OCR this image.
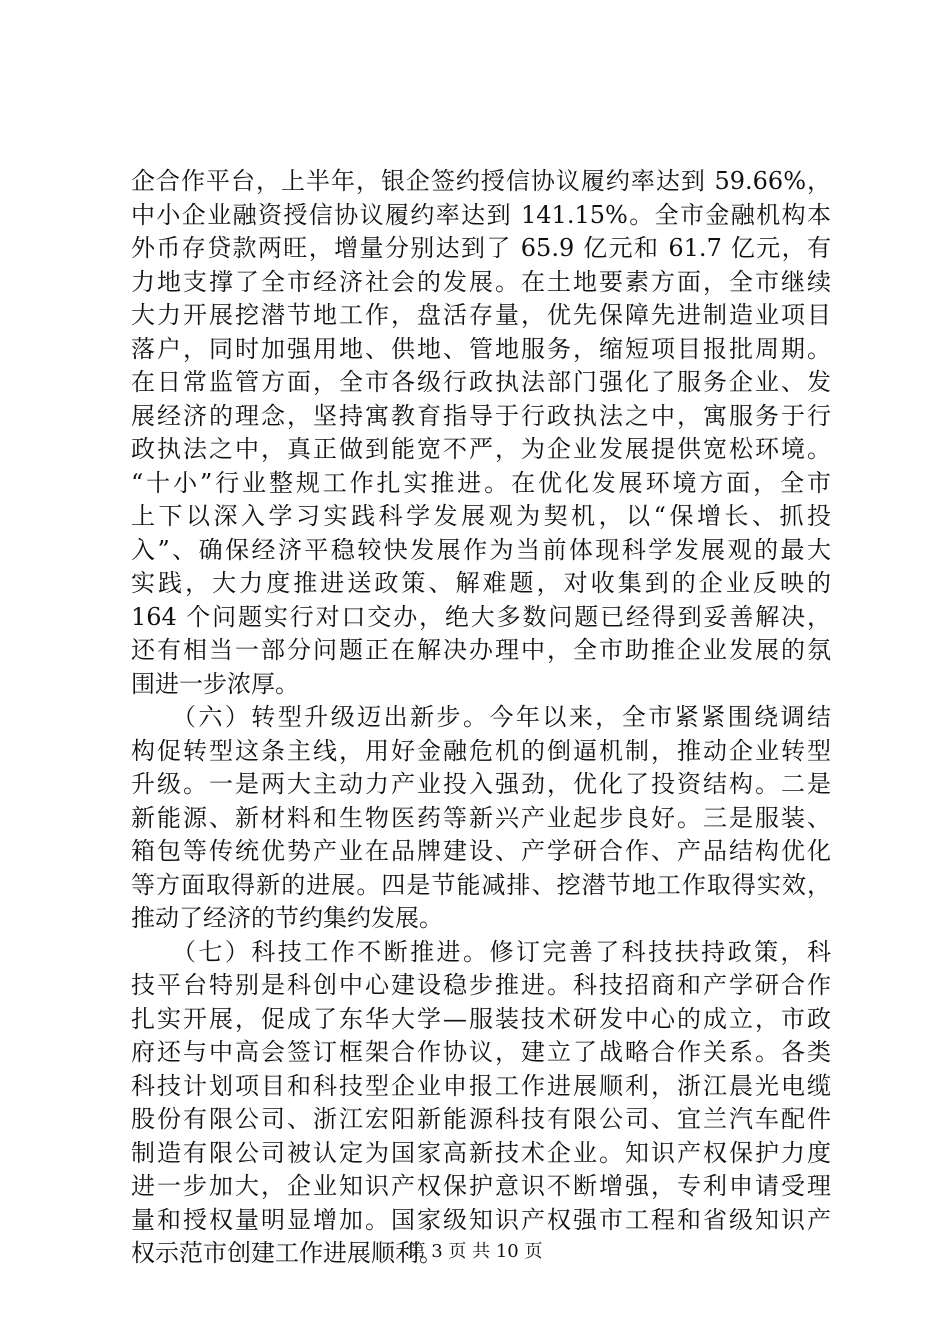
企合作平台，上半年，银企签约授信协议履约率达到 59.66%，
中小企业融资授信协议履约率达到 141.15%。全市金融机构本
外币存贷款两旺，增量分别达到了 65.9 亿元和 61.7 亿元，有
力地支撑了全市经济社会的发展。在土地要素方面，全市继续
大力开展挖潜节地工作，盘活存量，优先保障先进制造业项目
落户，同时加强用地、供地、管地服务，缩短项目报批周期。
在日常监管方面，全市各级行政执法部门强化了服务企业、发
展经济的理念，坚持寓教育指导于行政执法之中，寓服务于行
政执法之中，真正做到能宽不严，为企业发展提供宽松环境。
“十小”行业整规工作扎实推进。在优化发展环境方面，全市
上下以深入学习实践科学发展观为契机，以“保增长、抓投
入”、确保经济平稳较快发展作为当前体现科学发展观的最大
实践，大力度推进送政策、解难题，对收集到的企业反映的
164 个问题实行对口交办，绝大多数问题已经得到妥善解决，
还有相当一部分问题正在解决办理中，全市助推企业发展的氛
围进一步浓厚。
　　（六）转型升级迈出新步。今年以来，全市紧紧围绕调结
构促转型这条主线，用好金融危机的倒逼机制，推动企业转型
升级。一是两大主动力产业投入强劲，优化了投资结构。二是
新能源、新材料和生物医药等新兴产业起步良好。三是服装、
箱包等传统优势产业在品牌建设、产学研合作、产品结构优化
等方面取得新的进展。四是节能减排、挖潜节地工作取得实效，
推动了经济的节约集约发展。
　　（七）科技工作不断推进。修订完善了科技扶持政策，科
技平台特别是科创中心建设稳步推进。科技招商和产学研合作
扎实开展，促成了东华大学—服装技术研发中心的成立，市政
府还与中高会签订框架合作协议，建立了战略合作关系。各类
科技计划项目和科技型企业申报工作进展顺利，浙江晨光电缆
股份有限公司、浙江宏阳新能源科技有限公司、宜兰汽车配件
制造有限公司被认定为国家高新技术企业。知识产权保护力度
进一步加大，企业知识产权保护意识不断增强，专利申请受理
量和授权量明显增加。国家级知识产权强市工程和省级知识产
权示范市创建工作进展顺利。
第 3 页 共 10 页
